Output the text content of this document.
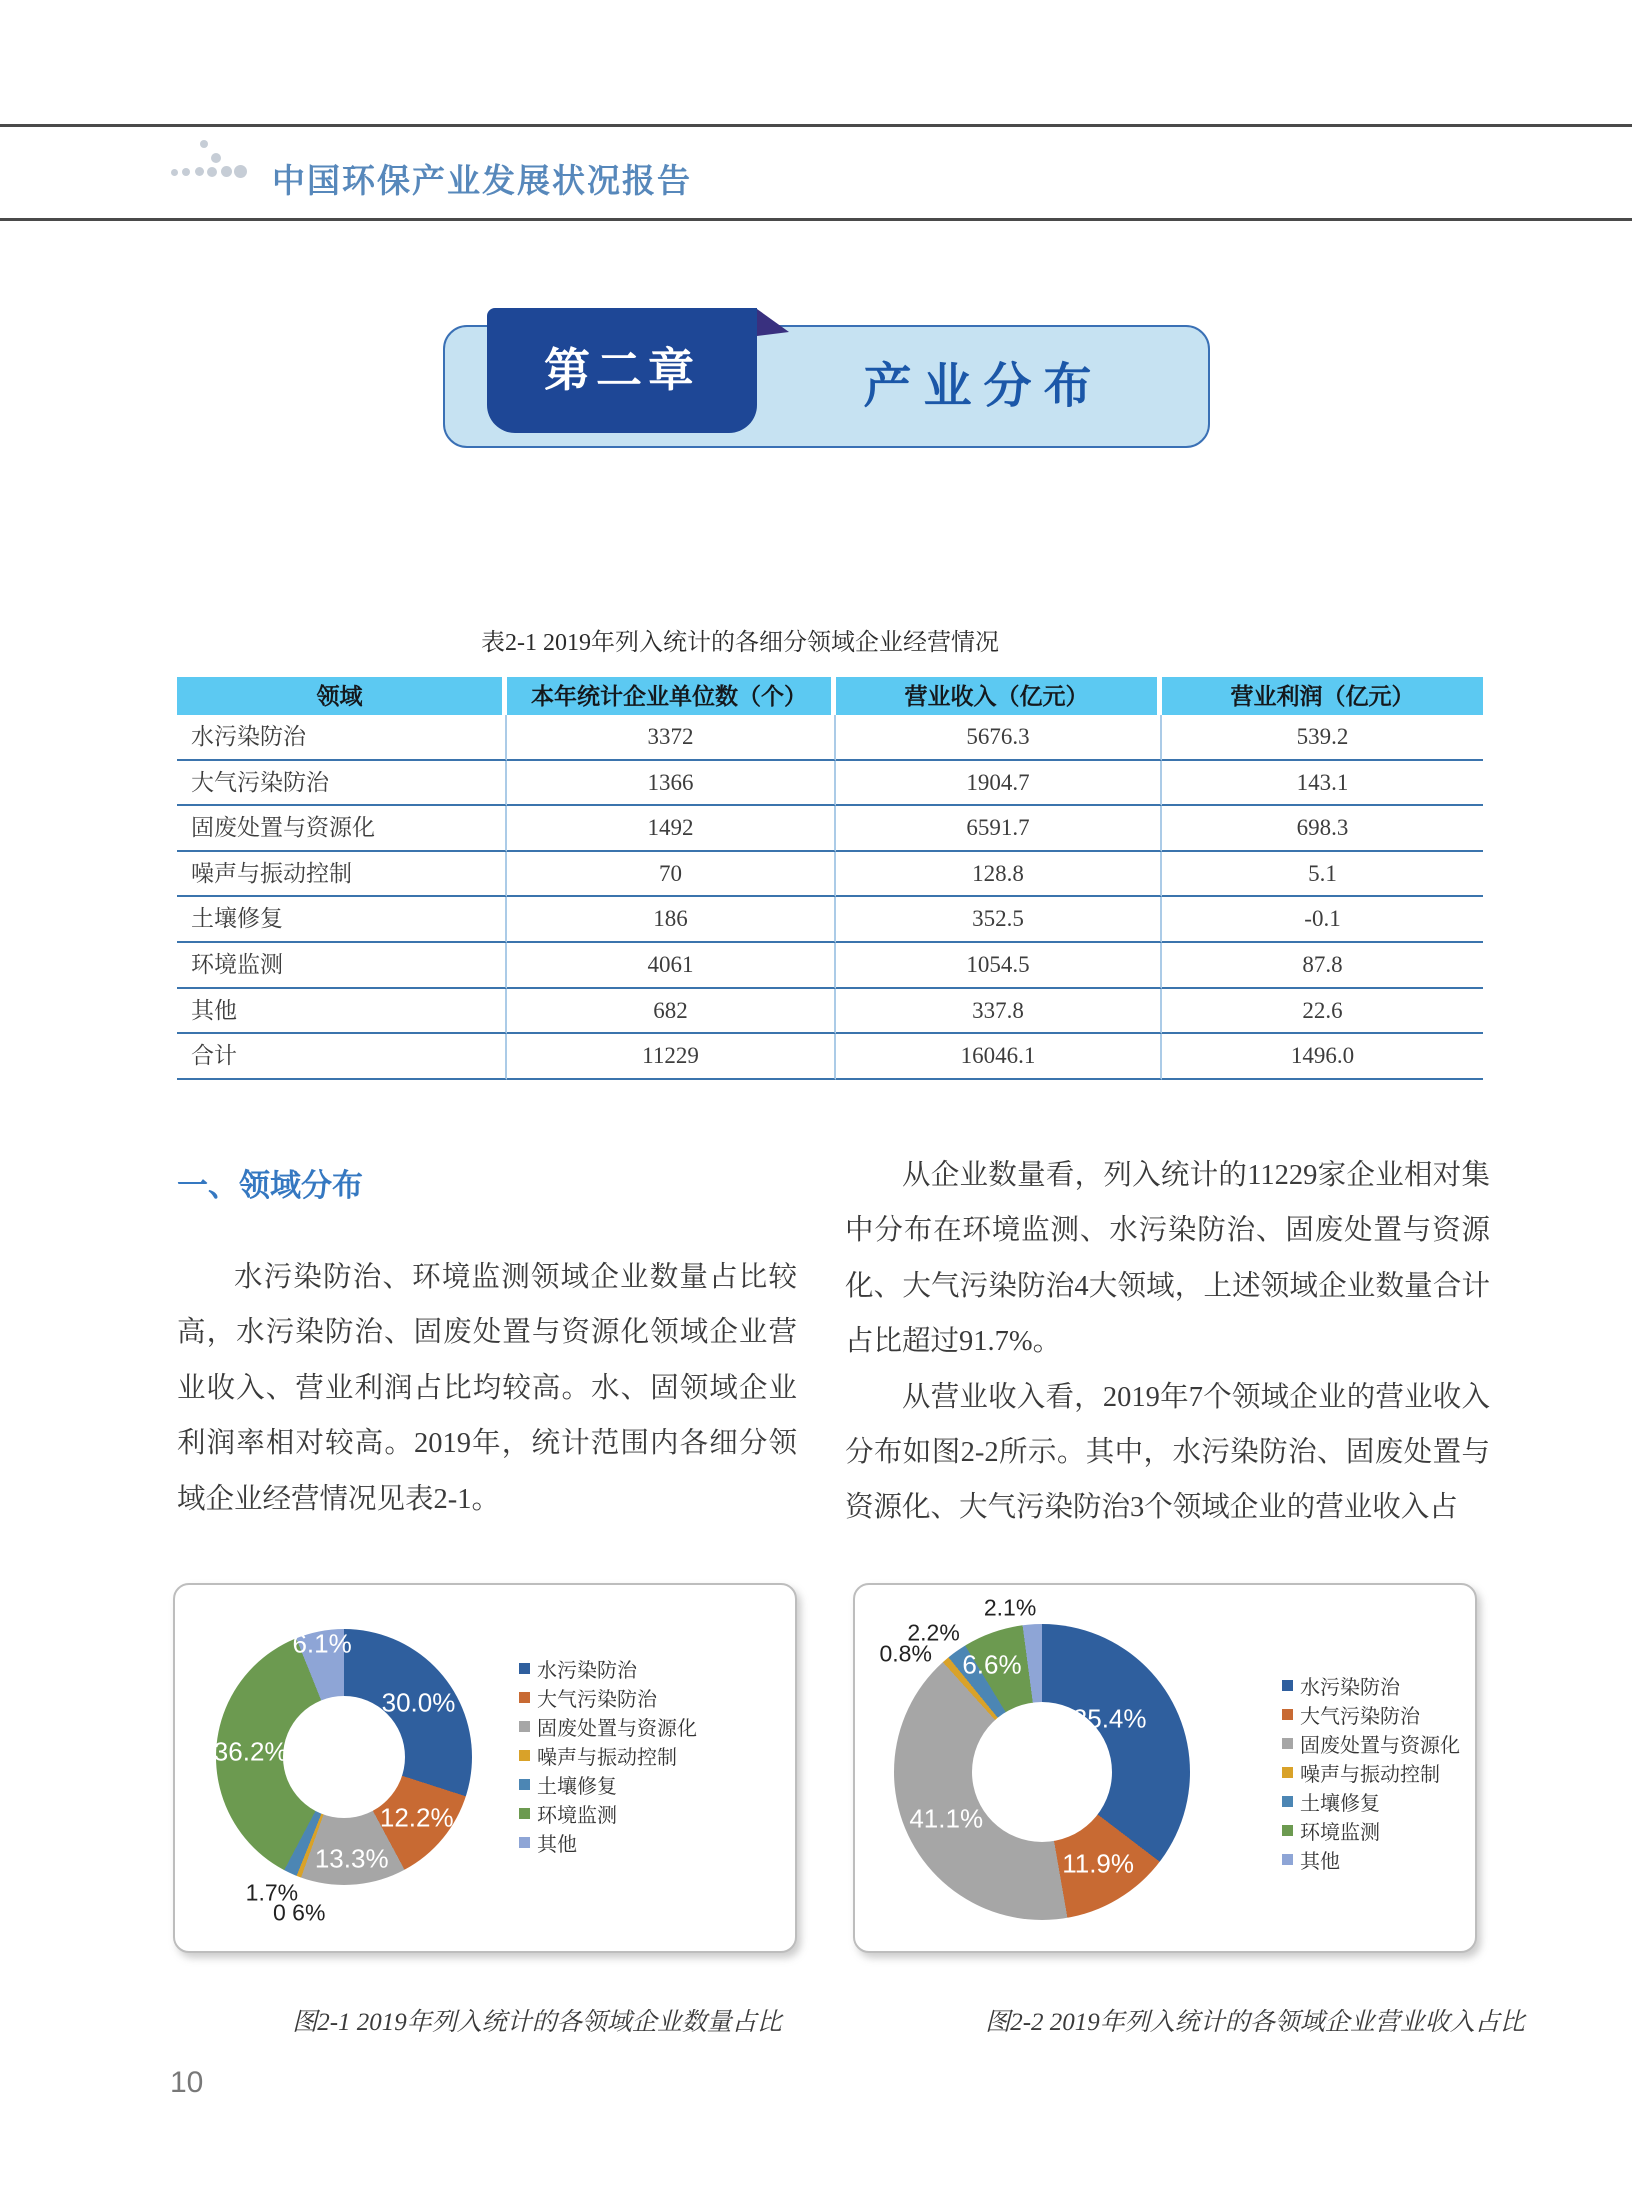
中国环保产业发展状况报告
第二章	产业分布
表2-1 2019年列入统计的各细分领域企业经营情况
领域	本年统计企业单位数（个）	营业收入（亿元）	营业利润（亿元）
水污染防治	3372	5676.3	539.2
大气污染防治	1366	1904.7	143.1
固废处置与资源化	1492	6591.7	698.3
噪声与振动控制	70	128.8	5.1
土壤修复	186	352.5	-0.1
环境监测	4061	1054.5	87.8
其他	682	337.8	22.6
合计	11229	16046.1	1496.0
一、领域分布

水污染防治、环境监测领域企业数量占比较高，水污染防治、固废处置与资源化领域企业营业收入、营业利润占比均较高。水、固领域企业利润率相对较高。2019年，统计范围内各细分领域企业经营情况见表2-1。

从企业数量看，列入统计的11229家企业相对集中分布在环境监测、水污染防治、固废处置与资源化、大气污染防治4大领域，上述领域企业数量合计占比超过91.7%。

从营业收入看，2019年7个领域企业的营业收入分布如图2-2所示。其中，水污染防治、固废处置与资源化、大气污染防治3个领域企业的营业收入占

30.0%
12.2%
13.3%
0 6%
1.7%
36.2%
6.1%
水污染防治
大气污染防治
固废处置与资源化
噪声与振动控制
土壤修复
环境监测
其他
35.4%
11.9%
41.1%
0.8%
2.2%
6.6%
2.1%
水污染防治
大气污染防治
固废处置与资源化
噪声与振动控制
土壤修复
环境监测
其他
图2-1 2019年列入统计的各领域企业数量占比	图2-2 2019年列入统计的各领域企业营业收入占比
10
